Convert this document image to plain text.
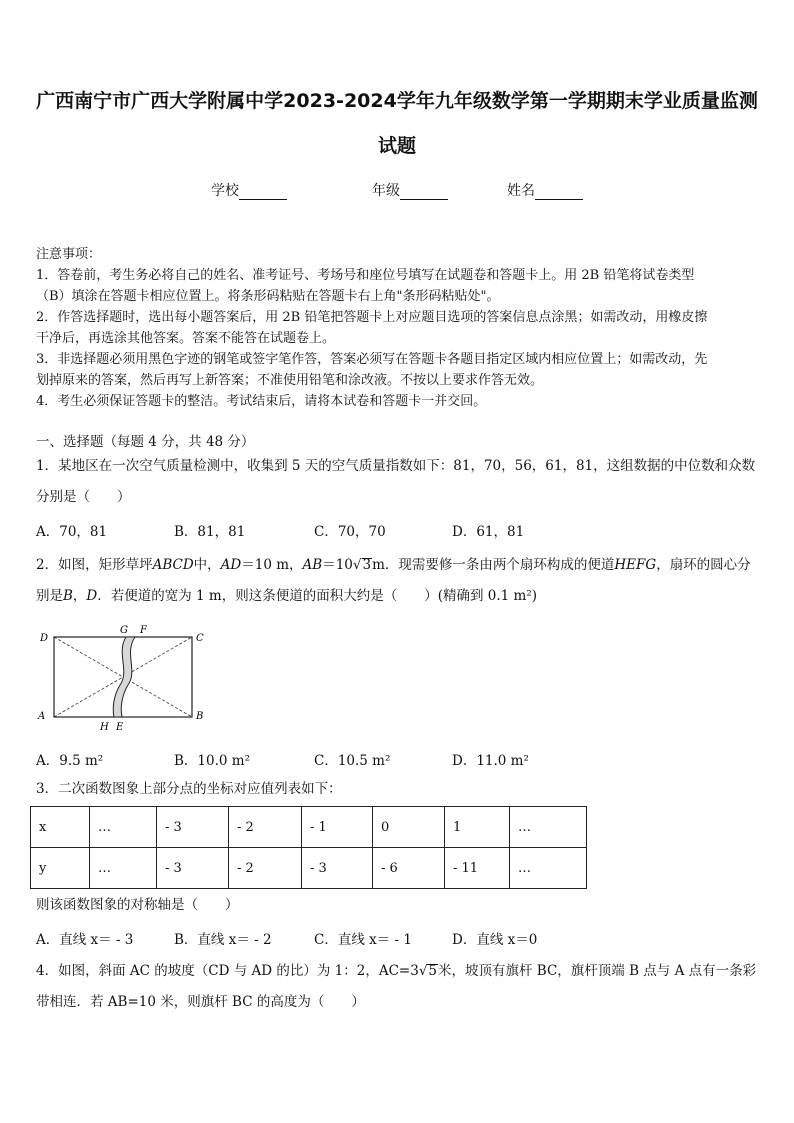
广西南宁市广西大学附属中学2023-2024学年九年级数学第一学期期末学业质量监测
试题
学校	年级	姓名
注意事项：
1．答卷前，考生务必将自己的姓名、准考证号、考场号和座位号填写在试题卷和答题卡上。用 2B 铅笔将试卷类型
（B）填涂在答题卡相应位置上。将条形码粘贴在答题卡右上角"条形码粘贴处"。
2．作答选择题时，选出每小题答案后，用 2B 铅笔把答题卡上对应题目选项的答案信息点涂黑；如需改动，用橡皮擦
干净后，再选涂其他答案。答案不能答在试题卷上。
3．非选择题必须用黑色字迹的钢笔或签字笔作答，答案必须写在答题卡各题目指定区域内相应位置上；如需改动，先
划掉原来的答案，然后再写上新答案；不准使用铅笔和涂改液。不按以上要求作答无效。
4．考生必须保证答题卡的整洁。考试结束后，请将本试卷和答题卡一并交回。
一、选择题（每题 4 分，共 48 分）
1．某地区在一次空气质量检测中，收集到 5 天的空气质量指数如下：81，70，56，61，81，这组数据的中位数和众数
分别是（　　）
A．70，81	B．81，81	C．70，70	D．61，81
2．如图，矩形草坪ABCD中，AD＝10 m，AB＝10√3m．现需要修一条由两个扇环构成的便道HEFG，扇环的圆心分
别是B，D．若便道的宽为 1 m，则这条便道的面积大约是（　　）(精确到 0.1 m²)
D
G F
C
A
H E
B
A．9.5 m²	B．10.0 m²	C．10.5 m²	D．11.0 m²
3．二次函数图象上部分点的坐标对应值列表如下：
x	…	- 3	- 2	- 1	0	1	…
y	…	- 3	- 2	- 3	- 6	- 11	…
则该函数图象的对称轴是（　　）
A．直线 x＝ - 3	B．直线 x＝ - 2	C．直线 x＝ - 1	D．直线 x＝0
4．如图，斜面 AC 的坡度（CD 与 AD 的比）为 1：2，AC=3√5米，坡顶有旗杆 BC，旗杆顶端 B 点与 A 点有一条彩
带相连．若 AB=10 米，则旗杆 BC 的高度为（　　）
